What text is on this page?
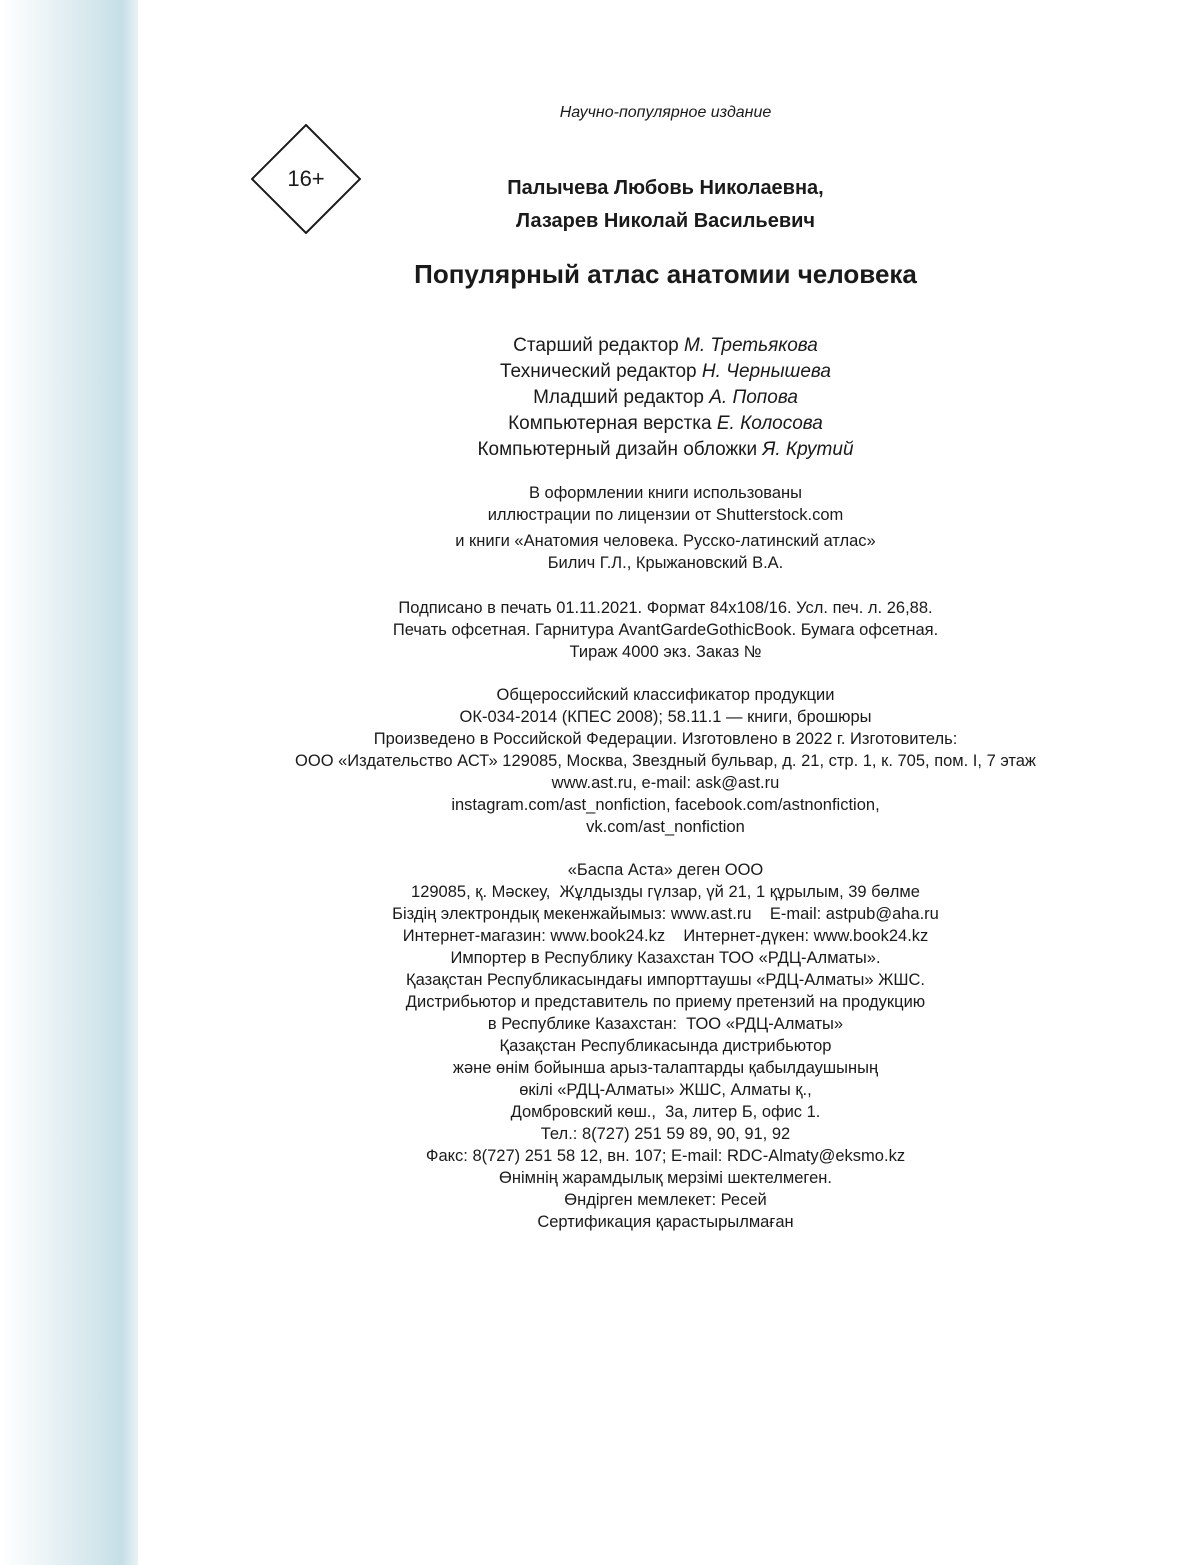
Научно-популярное издание
16+	Палычева Любовь Николаевна,
Лазарев Николай Васильевич
Популярный атлас анатомии человека
Старший редактор М. Третьякова
Технический редактор Н. Чернышева
Младший редактор А. Попова
Компьютерная верстка Е. Колосова
Компьютерный дизайн обложки Я. Крутий
В оформлении книги использованы
иллюстрации по лицензии от Shutterstock.com
и книги «Анатомия человека. Русско-латинский атлас»
Билич Г.Л., Крыжановский В.А.
Подписано в печать 01.11.2021. Формат 84x108/16. Усл. печ. л. 26,88.
Печать офсетная. Гарнитура AvantGardeGothicBook. Бумага офсетная.
Тираж 4000 экз. Заказ №
Общероссийский классификатор продукции
ОК-034-2014 (КПЕС 2008); 58.11.1 — книги, брошюры
Произведено в Российской Федерации. Изготовлено в 2022 г. Изготовитель:
ООО «Издательство АСТ» 129085, Москва, Звездный бульвар, д. 21, стр. 1, к. 705, пом. I, 7 этаж
www.ast.ru, e-mail: ask@ast.ru
instagram.com/ast_nonfiction, facebook.com/astnonfiction,
vk.com/ast_nonfiction
«Баспа Аста» деген ООО
129085, қ. Мәскеу,  Жұлдызды гүлзар, үй 21, 1 құрылым, 39 бөлме
Біздің электрондық мекенжайымыз: www.ast.ru    E-mail: astpub@aha.ru
Интернет-магазин: www.book24.kz    Интернет-дүкен: www.book24.kz
Импортер в Республику Казахстан ТОО «РДЦ-Алматы».
Қазақстан Республикасындағы импорттаушы «РДЦ-Алматы» ЖШС.
Дистрибьютор и представитель по приему претензий на продукцию
в Республике Казахстан:  ТОО «РДЦ-Алматы»
Қазақстан Республикасында дистрибьютор
және өнім бойынша арыз-талаптарды қабылдаушының
өкілі «РДЦ-Алматы» ЖШС, Алматы қ.,
Домбровский көш.,  3а, литер Б, офис 1.
Тел.: 8(727) 251 59 89, 90, 91, 92
Факс: 8(727) 251 58 12, вн. 107; E-mail: RDC-Almaty@eksmo.kz
Өнімнің жарамдылық мерзімі шектелмеген.
Өндірген мемлекет: Ресей
Сертификация қарастырылмаған
